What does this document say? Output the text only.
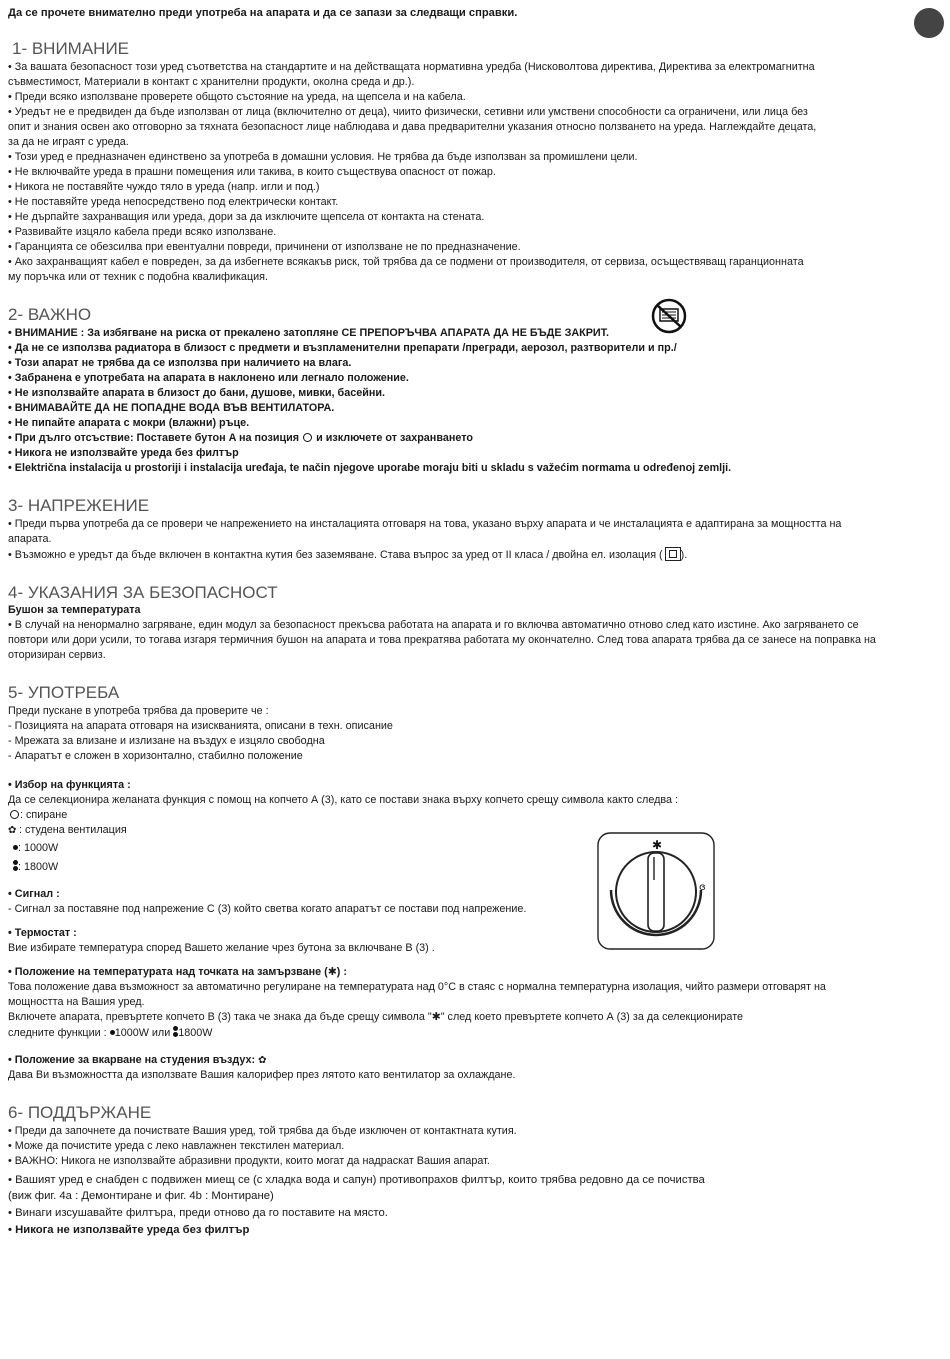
Да се прочете внимателно преди употреба на апарата и да се запази за следващи справки.

1- ВНИМАНИЕ

• За вашата безопасност този уред съответства на стандартите и на действащата нормативна уредба (Нисковолтова директива, Директива за електромагнитна

съвместимост, Материали в контакт с хранителни продукти, околна среда и др.).

• Преди всяко използване проверете общото състояние на уреда, на щепсела и на кабела.

• Уредът не е предвиден да бъде използван от лица (включително от деца), чиито физически, сетивни или умствени способности са ограничени, или лица без

опит и знания освен ако отговорно за тяхната безопасност лице наблюдава и дава предварителни указания относно ползването на уреда. Наглеждайте децата,

за да не играят с уреда.

• Този уред е предназначен единствено за употреба в домашни условия. Не трябва да бъде използван за промишлени цели.

• Не включвайте уреда в прашни помещения или такива, в които съществува опасност от пожар.

• Никога не поставяйте чуждо тяло в уреда (напр. игли и под.)

• Не поставяйте уреда непосредствено под електрически контакт.

• Не дърпайте захранващия или уреда, дори за да изключите щепсела от контакта на стената.

• Развивайте изцяло кабела преди всяко използване.

• Гаранцията се обезсилва при евентуални повреди, причинени от използване не по предназначение.

• Ако захранващият кабел е повреден, за да избегнете всякакъв риск, той трябва да се подмени от производителя, от сервиза, осъществяващ гаранционната

му поръчка или от техник с подобна квалификация.

2- ВАЖНО

• ВНИМАНИЕ : За избягване на риска от прекалено затопляне СЕ ПРЕПОРЪЧВА АПАРАТА ДА НЕ БЪДЕ ЗАКРИТ.

• Да не се използва радиатора в близост с предмети и възпламенителни препарати /прегради, аерозол, разтворители и пр./

• Този апарат не трябва да се използва при наличието на влага.

• Забранена е употребата на апарата в наклонено или легнало положение.

• Не използвайте апарата в близост до бани, душове, мивки, басейни.

• ВНИМАВАЙТЕ ДА НЕ ПОПАДНЕ ВОДА ВЪВ ВЕНТИЛАТОРА.

• Не пипайте апарата с мокри (влажни) ръце.

• При дълго отсъствие: Поставете бутон A на позиция и изключете от захранването

• Никога не използвайте уреда без филтър

• Električna instalacija u prostoriji i instalacija uređaja, te način njegove uporabe moraju biti u skladu s važećim normama u određenoj zemlji.

3- НАПРЕЖЕНИЕ

• Преди първа употреба да се провери че напрежението на инсталацията отговаря на това, указано върху апарата и че инсталацията е адаптирана за мощността на

апарата.

• Възможно е уредът да бъде включен в контактна кутия без заземяване. Става въпрос за уред от II класа / двойна ел. изолация ( ).

4- УКАЗАНИЯ ЗА БЕЗОПАСНОСТ

Бушон за температурата

• В случай на ненормално загряване, един модул за безопасност прекъсва работата на апарата и го включва автоматично отново след като изстине. Ако загряването се

повтори или дори усили, то тогава изгаря термичния бушон на апарата и това прекратява работата му окончателно. След това апарата трябва да се занесе на поправка на

оторизиран сервиз.

5- УПОТРЕБА

Преди пускане в употреба трябва да проверите че :

- Позицията на апарата отговаря на изискванията, описани в техн. описание

- Мрежата за влизане и излизане на въздух е изцяло свободна

- Апаратът е сложен в хоризонтално, стабилно положение

• Избор на функцията :

Да се селекционира желаната функция с помощ на копчето А (3), като се постави знака върху копчето срещу символа както следва :

: спиране

✿ : студена вентилация

: 1000W

: 1800W

• Сигнал :

- Сигнал за поставяне под напрежение С (3) който светва когато апаратът се постави под напрежение.

• Термостат :

Вие избирате температура според Вашето желание чрез бутона за включване B (3) .

• Положение на температурата над точката на замързване (✱) :

Това положение дава възможност за автоматично регулиране на температурата над 0°C в стаяс с нормална температурна изолация, чийто размери отговарят на

мощността на Вашия уред.

Включете апарата, превъртете копчето B (3) така че знака да бъде срещу символа "✱" след което превъртете копчето А (3) за да селекционирате

следните функции : 1000W или 1800W

• Положение за вкарване на студения въздух: ✿

Дава Ви възможността да използвате Вашия калорифер през лятото като вентилатор за охлаждане.

6- ПОДДЪРЖАНЕ

• Преди да започнете да почиствате Вашия уред, той трябва да бъде изключен от контактната кутия.

• Може да почистите уреда с леко навлажнен текстилен материал.

• ВАЖНО: Никога не използвайте абразивни продукти, които могат да надраскат Вашия апарат.

• Вашият уред е снабден с подвижен миещ се (с хладка вода и сапун) противопрахов филтър, които трябва редовно да се почиства

(виж фиг. 4а : Демонтиране и фиг. 4b : Монтиране)

• Винаги изсушавайте филтъра, преди отново да го поставите на място.

• Никога не използвайте уреда без филтър

✱
ɞ
